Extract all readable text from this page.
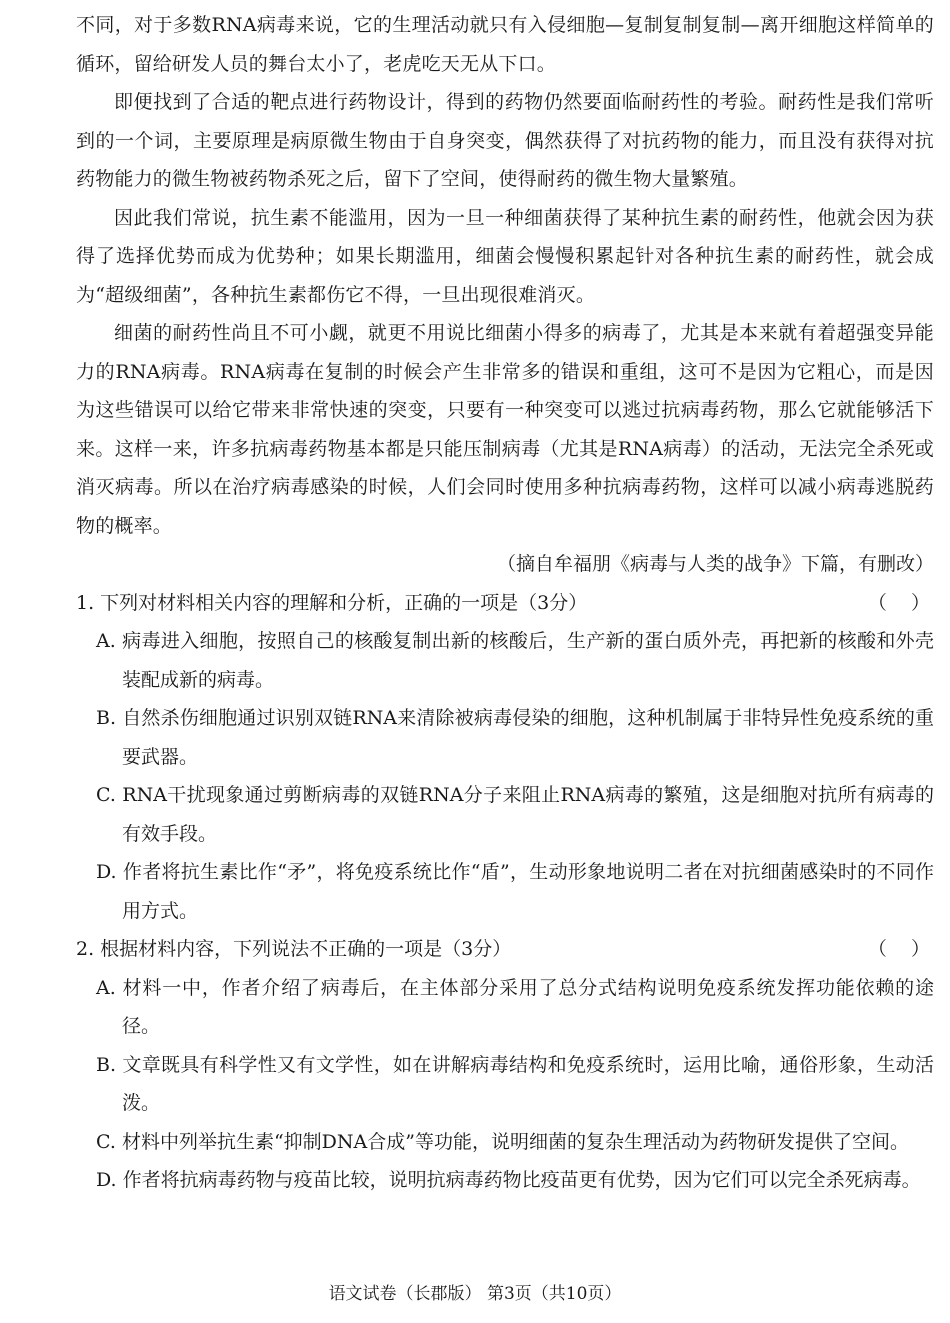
不同，对于多数RNA病毒来说，它的生理活动就只有入侵细胞—复制复制复制—离开细胞这样简单的循环，留给研发人员的舞台太小了，老虎吃天无从下口。

即便找到了合适的靶点进行药物设计，得到的药物仍然要面临耐药性的考验。耐药性是我们常听到的一个词，主要原理是病原微生物由于自身突变，偶然获得了对抗药物的能力，而且没有获得对抗药物能力的微生物被药物杀死之后，留下了空间，使得耐药的微生物大量繁殖。

因此我们常说，抗生素不能滥用，因为一旦一种细菌获得了某种抗生素的耐药性，他就会因为获得了选择优势而成为优势种；如果长期滥用，细菌会慢慢积累起针对各种抗生素的耐药性，就会成为“超级细菌”，各种抗生素都伤它不得，一旦出现很难消灭。

细菌的耐药性尚且不可小觑，就更不用说比细菌小得多的病毒了，尤其是本来就有着超强变异能力的RNA病毒。RNA病毒在复制的时候会产生非常多的错误和重组，这可不是因为它粗心，而是因为这些错误可以给它带来非常快速的突变，只要有一种突变可以逃过抗病毒药物，那么它就能够活下来。这样一来，许多抗病毒药物基本都是只能压制病毒（尤其是RNA病毒）的活动，无法完全杀死或消灭病毒。所以在治疗病毒感染的时候，人们会同时使用多种抗病毒药物，这样可以减小病毒逃脱药物的概率。

（摘自牟福朋《病毒与人类的战争》下篇，有删改）

1. 下列对材料相关内容的理解和分析，正确的一项是（3分）	（    ）

A. 病毒进入细胞，按照自己的核酸复制出新的核酸后，生产新的蛋白质外壳，再把新的核酸和外壳装配成新的病毒。

B. 自然杀伤细胞通过识别双链RNA来清除被病毒侵染的细胞，这种机制属于非特异性免疫系统的重要武器。

C. RNA干扰现象通过剪断病毒的双链RNA分子来阻止RNA病毒的繁殖，这是细胞对抗所有病毒的有效手段。

D. 作者将抗生素比作“矛”，将免疫系统比作“盾”，生动形象地说明二者在对抗细菌感染时的不同作用方式。

2. 根据材料内容，下列说法不正确的一项是（3分）	（    ）

A. 材料一中，作者介绍了病毒后，在主体部分采用了总分式结构说明免疫系统发挥功能依赖的途径。

B. 文章既具有科学性又有文学性，如在讲解病毒结构和免疫系统时，运用比喻，通俗形象，生动活泼。

C. 材料中列举抗生素“抑制DNA合成”等功能，说明细菌的复杂生理活动为药物研发提供了空间。

D. 作者将抗病毒药物与疫苗比较，说明抗病毒药物比疫苗更有优势，因为它们可以完全杀死病毒。

语文试卷（长郡版） 第3页（共10页）
